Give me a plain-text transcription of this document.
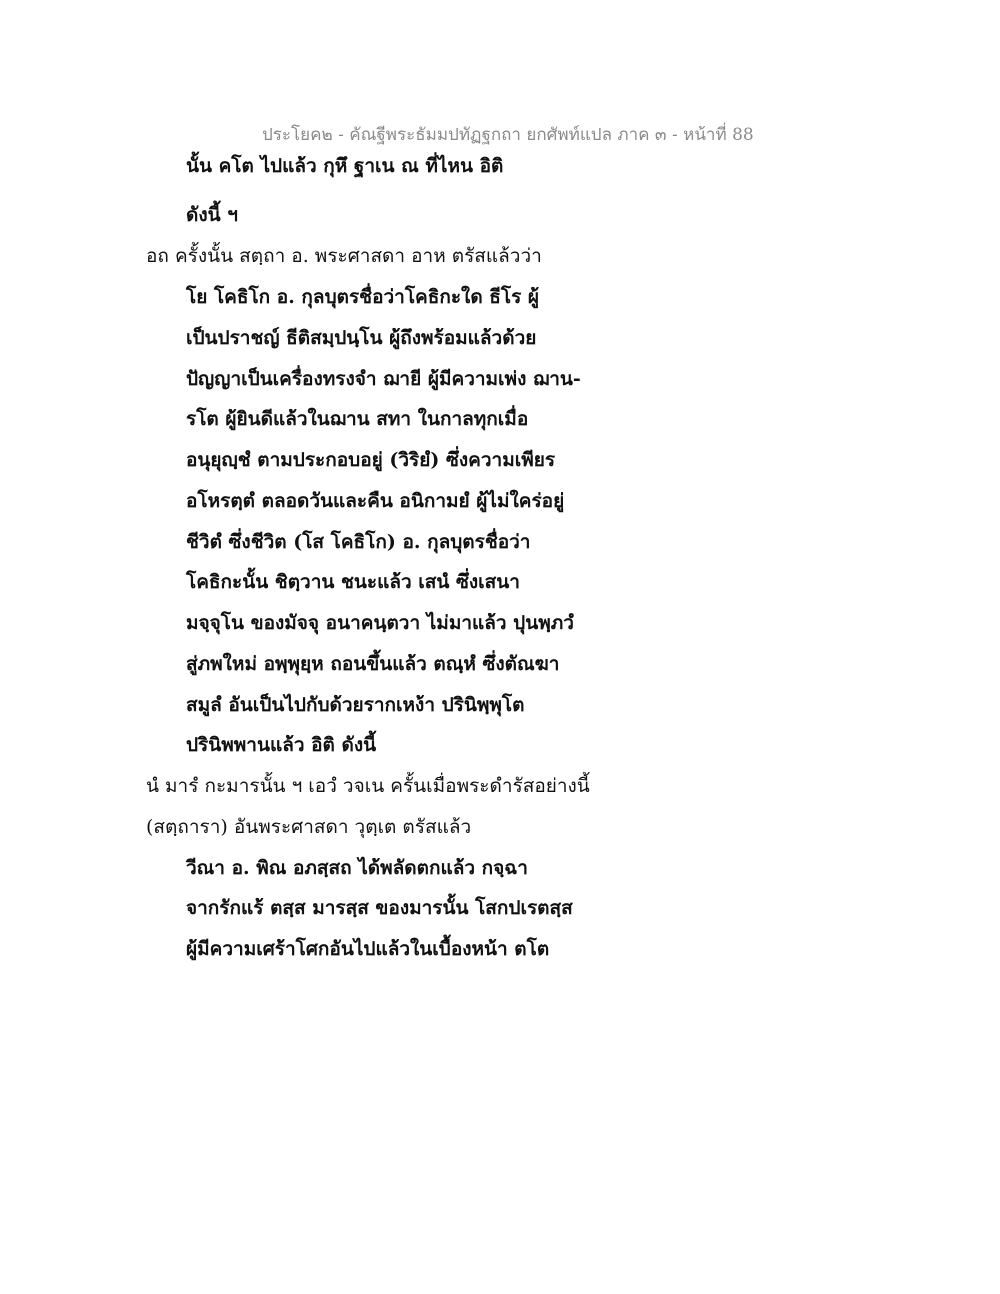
ประโยค๒ - คัณฐีพระธัมมปทัฏฐกถา ยกศัพท์แปล ภาค ๓ - หน้าที่ 88
นั้น คโต ไปแล้ว กุหึ ฐาเน ณ ที่ไหน อิติ
ดังนี้ ฯ
อถ ครั้งนั้น สตฺถา อ. พระศาสดา อาห ตรัสแล้วว่า
โย โคธิโก อ. กุลบุตรชื่อว่าโคธิกะใด ธีโร ผู้
เป็นปราชญ์ ธีติสมฺปนฺโน ผู้ถึงพร้อมแล้วด้วย
ปัญญาเป็นเครื่องทรงจำ ฌายี ผู้มีความเพ่ง ฌาน-
รโต ผู้ยินดีแล้วในฌาน สทา ในกาลทุกเมื่อ
อนุยุญฺชํ ตามประกอบอยู่ (วิริยํ) ซึ่งความเพียร
อโหรตฺตํ ตลอดวันและคืน อนิกามยํ ผู้ไม่ใคร่อยู่
ชีวิตํ ซึ่งชีวิต (โส โคธิโก) อ. กุลบุตรชื่อว่า
โคธิกะนั้น ชิตฺวาน ชนะแล้ว เสนํ ซึ่งเสนา
มจฺจุโน ของมัจจุ อนาคนฺตวา ไม่มาแล้ว ปุนพฺภวํ
สู่ภพใหม่ อพฺพุยฺห ถอนขึ้นแล้ว ตณฺหํ ซึ่งตัณฆา
สมูลํ อันเป็นไปกับด้วยรากเหง้า ปรินิพฺพุโต
ปรินิพพานแล้ว อิติ ดังนี้
นํ มารํ กะมารนั้น ฯ เอวํ วจเน ครั้นเมื่อพระดำรัสอย่างนี้
(สตฺถารา) อันพระศาสดา วุตฺเต ตรัสแล้ว
วีณา อ. พิณ อภสฺสถ ได้พลัดตกแล้ว กจฺฉา
จากรักแร้ ตสฺส มารสฺส ของมารนั้น โสกปเรตสฺส
ผู้มีความเศร้าโศกอันไปแล้วในเบื้องหน้า ตโต
